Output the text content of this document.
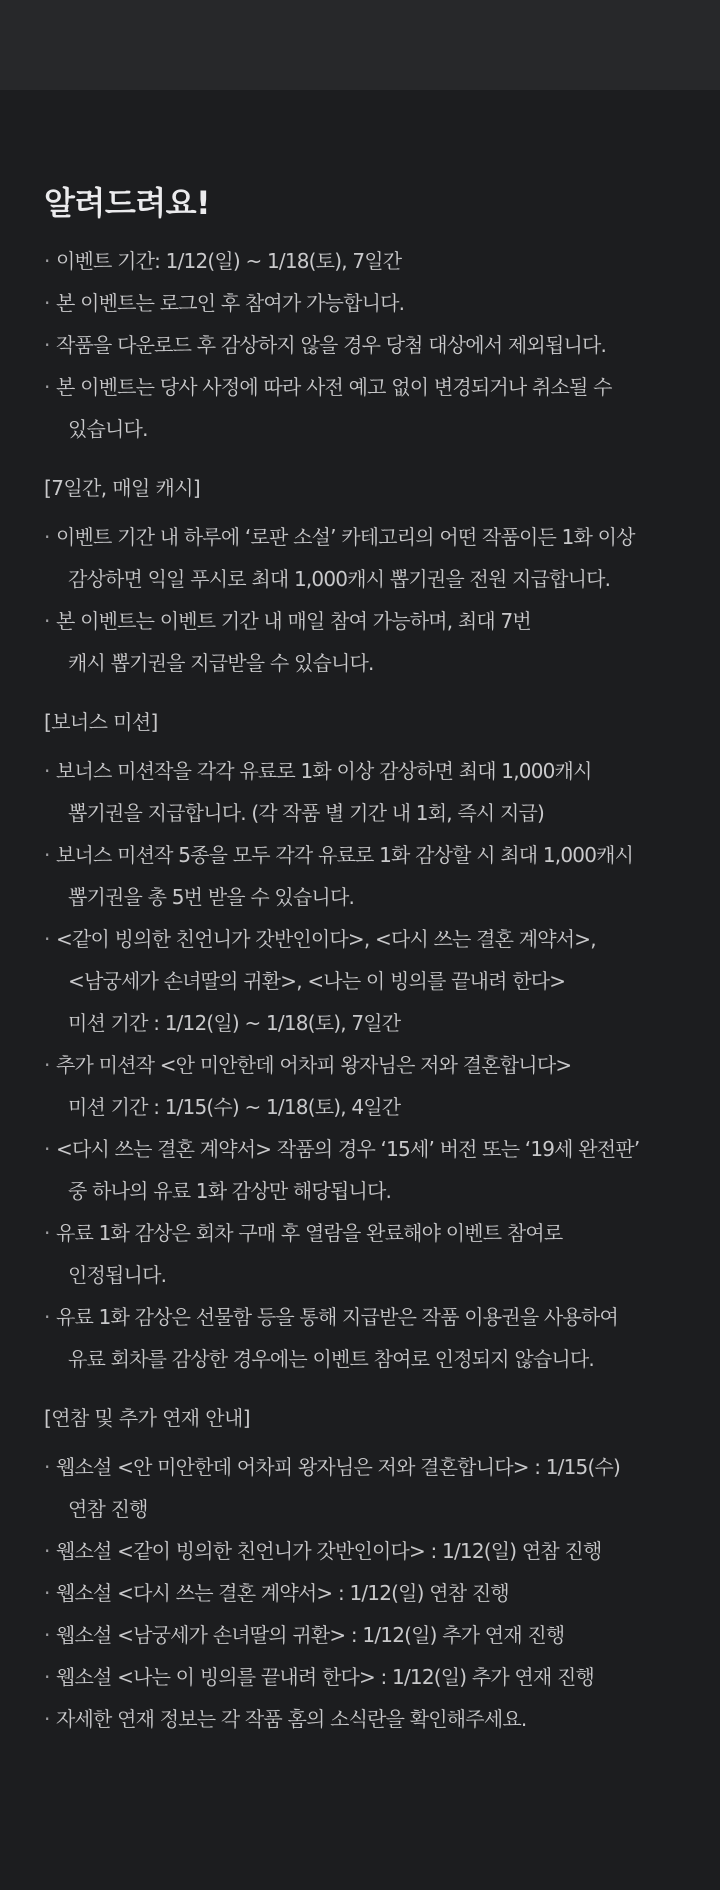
알려드려요!
· 이벤트 기간: 1/12(일) ~ 1/18(토), 7일간
· 본 이벤트는 로그인 후 참여가 가능합니다.
· 작품을 다운로드 후 감상하지 않을 경우 당첨 대상에서 제외됩니다.
· 본 이벤트는 당사 사정에 따라 사전 예고 없이 변경되거나 취소될 수
있습니다.
[7일간, 매일 캐시]
· 이벤트 기간 내 하루에 ‘로판 소설’ 카테고리의 어떤 작품이든 1화 이상
감상하면 익일 푸시로 최대 1,000캐시 뽑기권을 전원 지급합니다.
· 본 이벤트는 이벤트 기간 내 매일 참여 가능하며, 최대 7번
캐시 뽑기권을 지급받을 수 있습니다.
[보너스 미션]
· 보너스 미션작을 각각 유료로 1화 이상 감상하면 최대 1,000캐시
뽑기권을 지급합니다. (각 작품 별 기간 내 1회, 즉시 지급)
· 보너스 미션작 5종을 모두 각각 유료로 1화 감상할 시 최대 1,000캐시
뽑기권을 총 5번 받을 수 있습니다.
· <같이 빙의한 친언니가 갓반인이다>, <다시 쓰는 결혼 계약서>,
<남궁세가 손녀딸의 귀환>, <나는 이 빙의를 끝내려 한다>
미션 기간 : 1/12(일) ~ 1/18(토), 7일간
· 추가 미션작 <안 미안한데 어차피 왕자님은 저와 결혼합니다>
미션 기간 : 1/15(수) ~ 1/18(토), 4일간
· <다시 쓰는 결혼 계약서> 작품의 경우 ‘15세’ 버전 또는 ‘19세 완전판’
중 하나의 유료 1화 감상만 해당됩니다.
· 유료 1화 감상은 회차 구매 후 열람을 완료해야 이벤트 참여로
인정됩니다.
· 유료 1화 감상은 선물함 등을 통해 지급받은 작품 이용권을 사용하여
유료 회차를 감상한 경우에는 이벤트 참여로 인정되지 않습니다.
[연참 및 추가 연재 안내]
· 웹소설 <안 미안한데 어차피 왕자님은 저와 결혼합니다> : 1/15(수)
연참 진행
· 웹소설 <같이 빙의한 친언니가 갓반인이다> : 1/12(일) 연참 진행
· 웹소설 <다시 쓰는 결혼 계약서> : 1/12(일) 연참 진행
· 웹소설 <남궁세가 손녀딸의 귀환> : 1/12(일) 추가 연재 진행
· 웹소설 <나는 이 빙의를 끝내려 한다> : 1/12(일) 추가 연재 진행
· 자세한 연재 정보는 각 작품 홈의 소식란을 확인해주세요.
